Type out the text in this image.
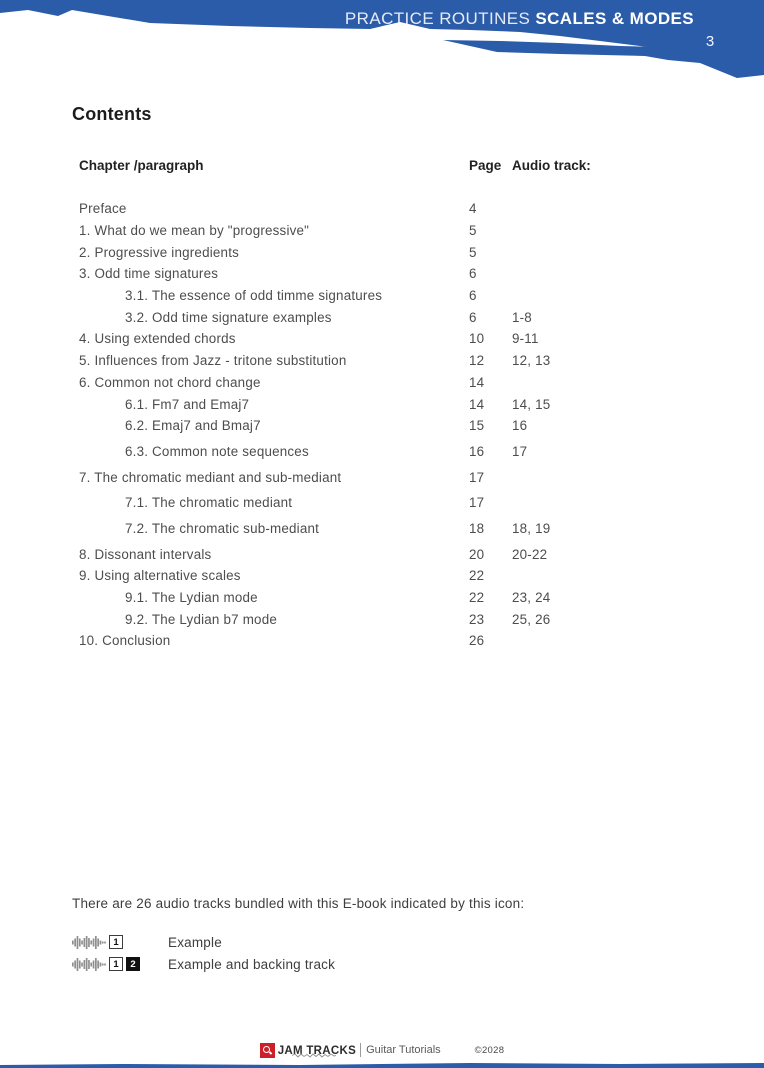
PRACTICE ROUTINES SCALES & MODES
3
Contents
Chapter /paragraph	Page Audio track:
Preface	4
1. What do we mean by "progressive"	5
2. Progressive ingredients	5
3. Odd time signatures	6
3.1. The essence of odd timme signatures	6
3.2. Odd time signature examples	6	1-8
4. Using extended chords	10	9-11
5. Influences from Jazz - tritone substitution	12	12, 13
6. Common not chord change	14
6.1. Fm7 and Emaj7	14	14, 15
6.2. Emaj7 and Bmaj7	15	16
6.3. Common note sequences	16	17
7. The chromatic mediant and sub-mediant	17
7.1. The chromatic mediant	17
7.2. The chromatic sub-mediant	18	18, 19
8. Dissonant intervals	20	20-22
9. Using alternative scales	22
9.1. The Lydian mode	22	23, 24
9.2. The Lydian b7 mode	23	25, 26
10. Conclusion	26
There are 26 audio tracks bundled with this E-book indicated by this icon:
1	Example
1	2	Example and backing track
JAM TRACKS Guitar Tutorials	©2028
